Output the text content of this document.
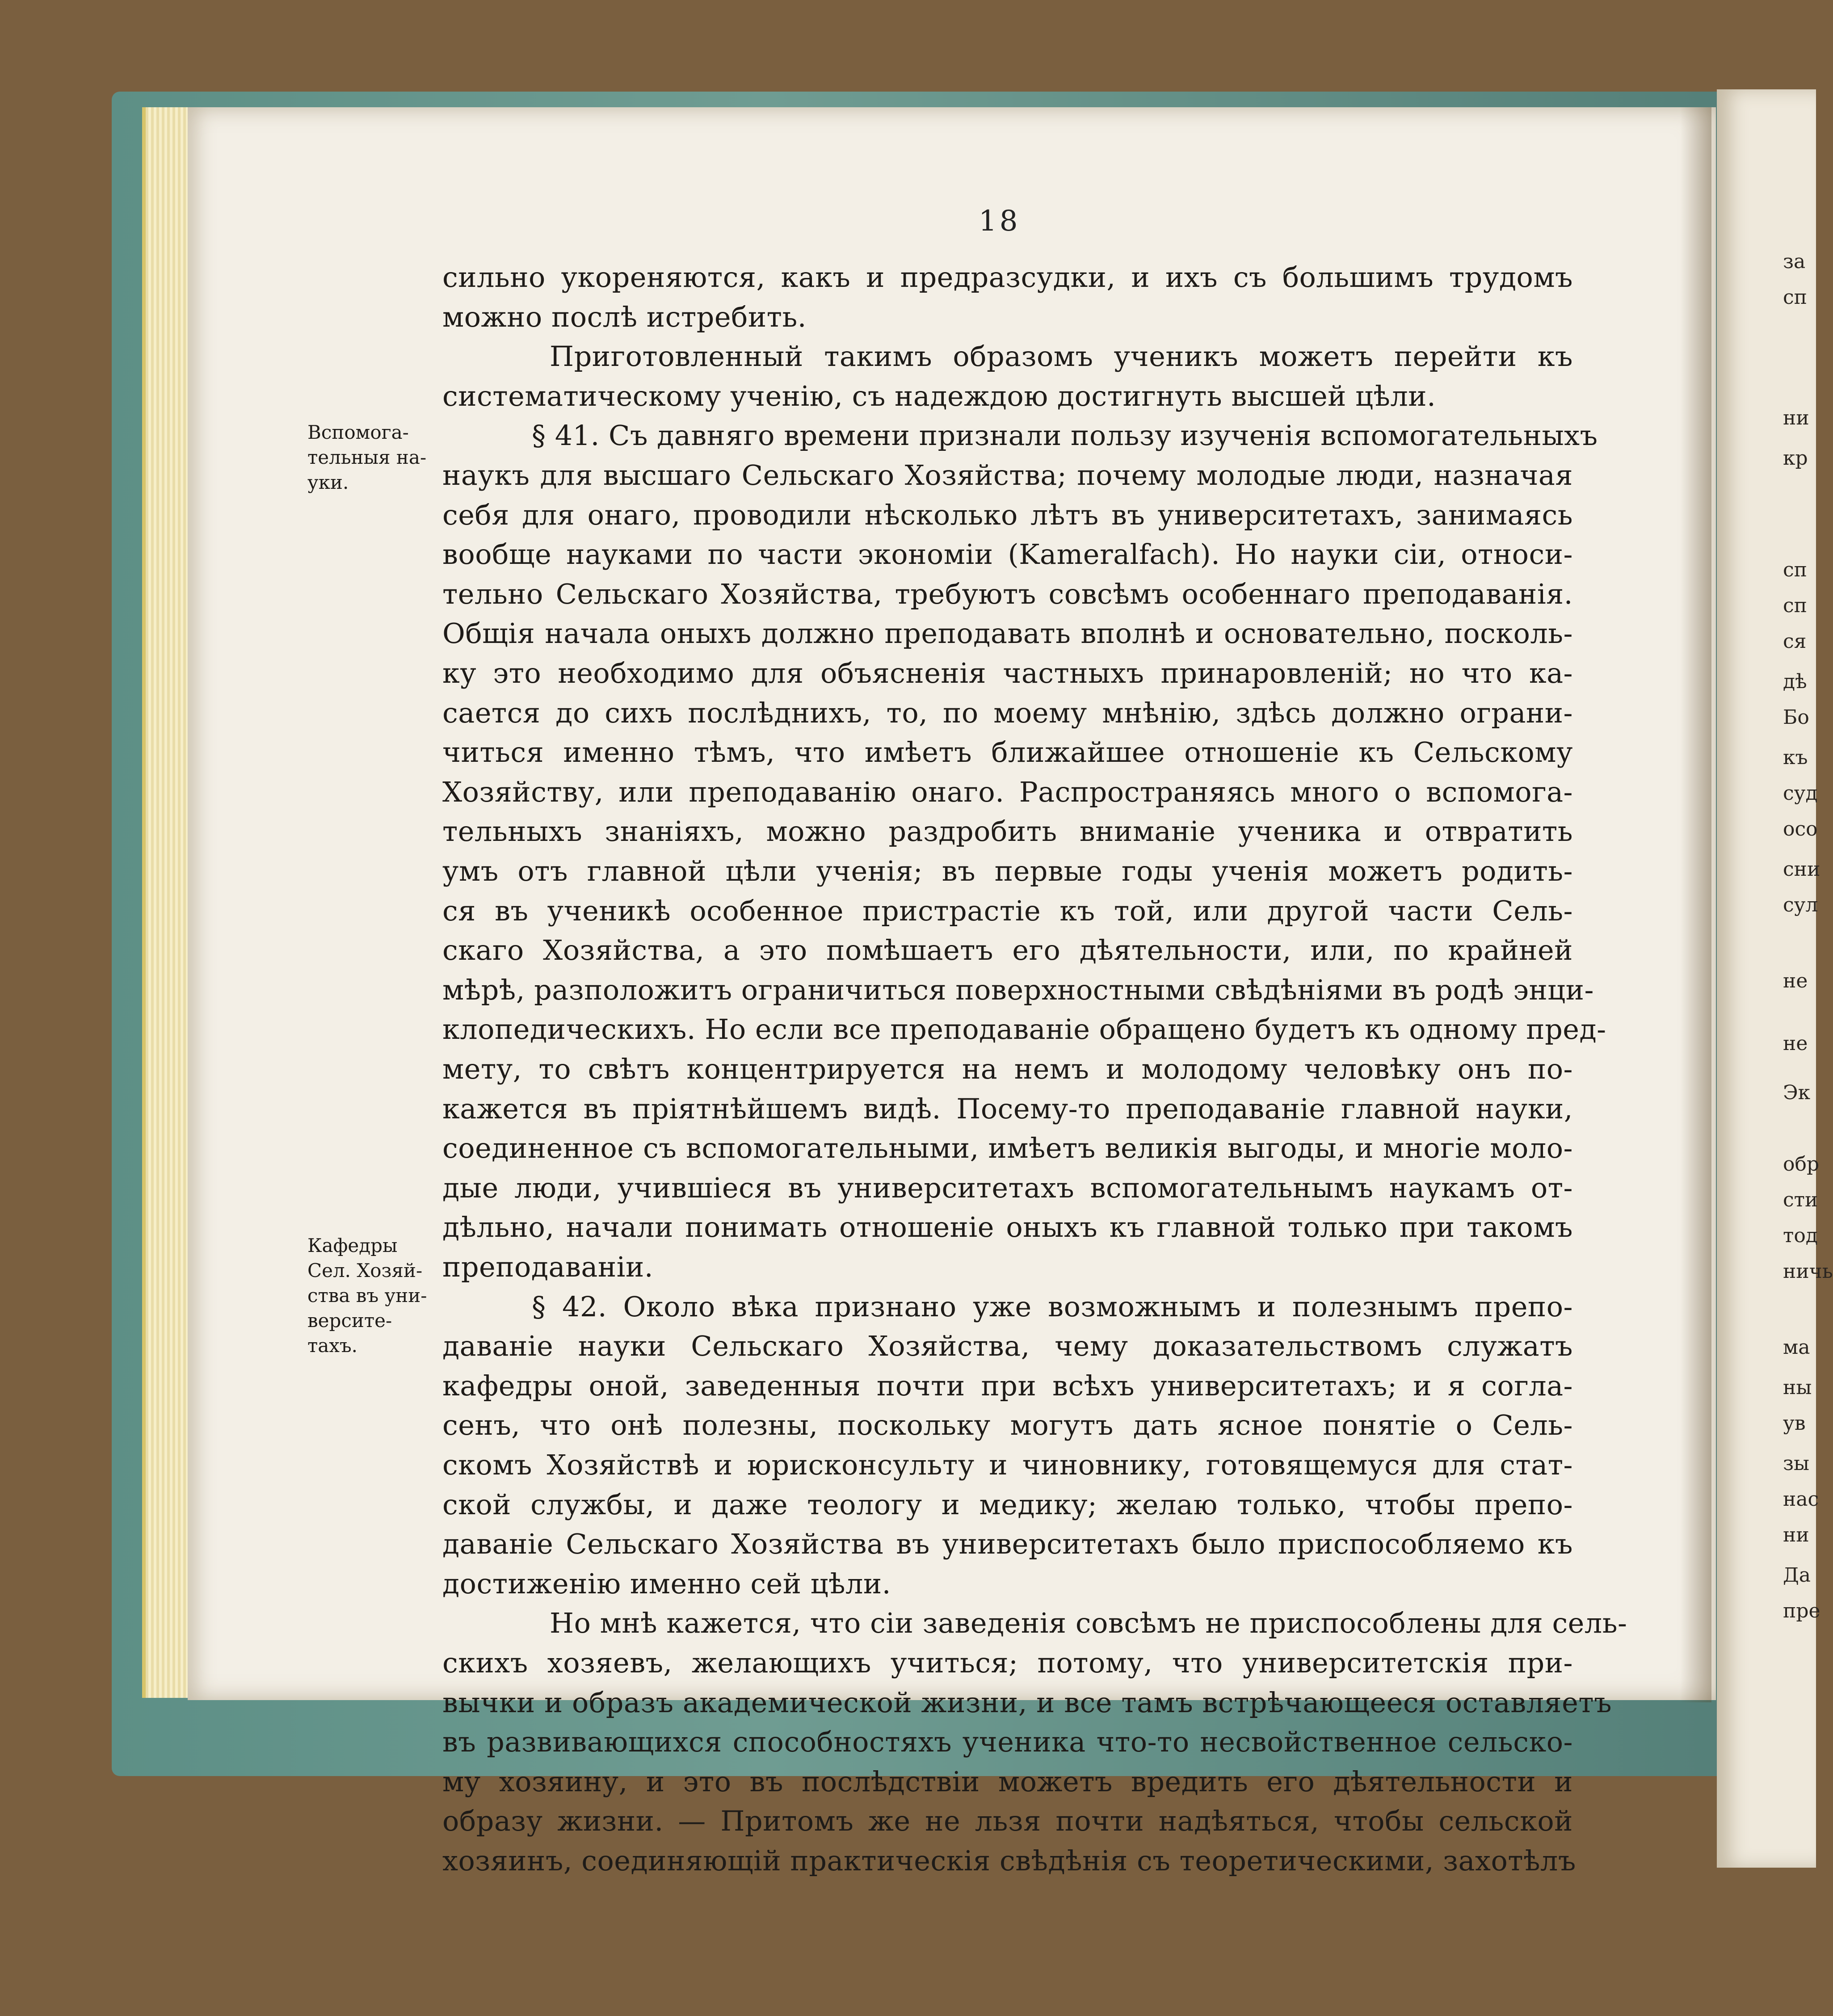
за
сп
ни
кр
сп
сп
ся
дѣ
Бо
къ
суд
осо
сни
сул
не
не
Эк
обр
сти
тод
ничь
ма
ны
ув
зы
нас
ни
Да
пре
18
сильно укореняются, какъ и предразсудки, и ихъ съ большимъ трудомъ
можно послѣ истребить.
Приготовленный такимъ образомъ ученикъ можетъ перейти къ
систематическому ученію, съ надеждою достигнуть высшей цѣли.
§ 41. Съ давняго времени признали пользу изученія вспомогательныхъ
наукъ для высшаго Сельскаго Хозяйства; почему молодые люди, назначая
себя для онаго, проводили нѣсколько лѣтъ въ университетахъ, занимаясь
вообще науками по части экономіи (Kameralfach). Но науки сіи, относи-
тельно Сельскаго Хозяйства, требуютъ совсѣмъ особеннаго преподаванія.
Общія начала оныхъ должно преподавать вполнѣ и основательно, посколь-
ку это необходимо для объясненія частныхъ принаровленій; но что ка-
сается до сихъ послѣднихъ, то, по моему мнѣнію, здѣсь должно ограни-
читься именно тѣмъ, что имѣетъ ближайшее отношеніе къ Сельскому
Хозяйству, или преподаванію онаго. Распространяясь много о вспомога-
тельныхъ знаніяхъ, можно раздробить вниманіе ученика и отвратить
умъ отъ главной цѣли ученія; въ первые годы ученія можетъ родить-
ся въ ученикѣ особенное пристрастіе къ той, или другой части Сель-
скаго Хозяйства, а это помѣшаетъ его дѣятельности, или, по крайней
мѣрѣ, разположитъ ограничиться поверхностными свѣдѣніями въ родѣ энци-
клопедическихъ. Но если все преподаваніе обращено будетъ къ одному пред-
мету, то свѣтъ концентрируется на немъ и молодому человѣку онъ по-
кажется въ пріятнѣйшемъ видѣ. Посему-то преподаваніе главной науки,
соединенное съ вспомогательными, имѣетъ великія выгоды, и многіе моло-
дые люди, учившіеся въ университетахъ вспомогательнымъ наукамъ от-
дѣльно, начали понимать отношеніе оныхъ къ главной только при такомъ
преподаваніи.
§ 42. Около вѣка признано уже возможнымъ и полезнымъ препо-
даваніе науки Сельскаго Хозяйства, чему доказательствомъ служатъ
кафедры оной, заведенныя почти при всѣхъ университетахъ; и я согла-
сенъ, что онѣ полезны, поскольку могутъ дать ясное понятіе о Сель-
скомъ Хозяйствѣ и юрисконсульту и чиновнику, готовящемуся для стат-
ской службы, и даже теологу и медику; желаю только, чтобы препо-
даваніе Сельскаго Хозяйства въ университетахъ было приспособляемо къ
достиженію именно сей цѣли.
Но мнѣ кажется, что сіи заведенія совсѣмъ не приспособлены для сель-
скихъ хозяевъ, желающихъ учиться; потому, что университетскія при-
вычки и образъ академической жизни, и все тамъ встрѣчающееся оставляетъ
въ развивающихся способностяхъ ученика что-то несвойственное сельско-
му хозяину, и это въ послѣдствіи можетъ вредить его дѣятельности и
образу жизни. — Притомъ же не льзя почти надѣяться, чтобы сельской
хозяинъ, соединяющій практическія свѣдѣнія съ теоретическими, захотѣлъ
Вспомога-
тельныя на-
уки.
Кафедры
Сел. Хозяй-
ства въ уни-
версите-
тахъ.
